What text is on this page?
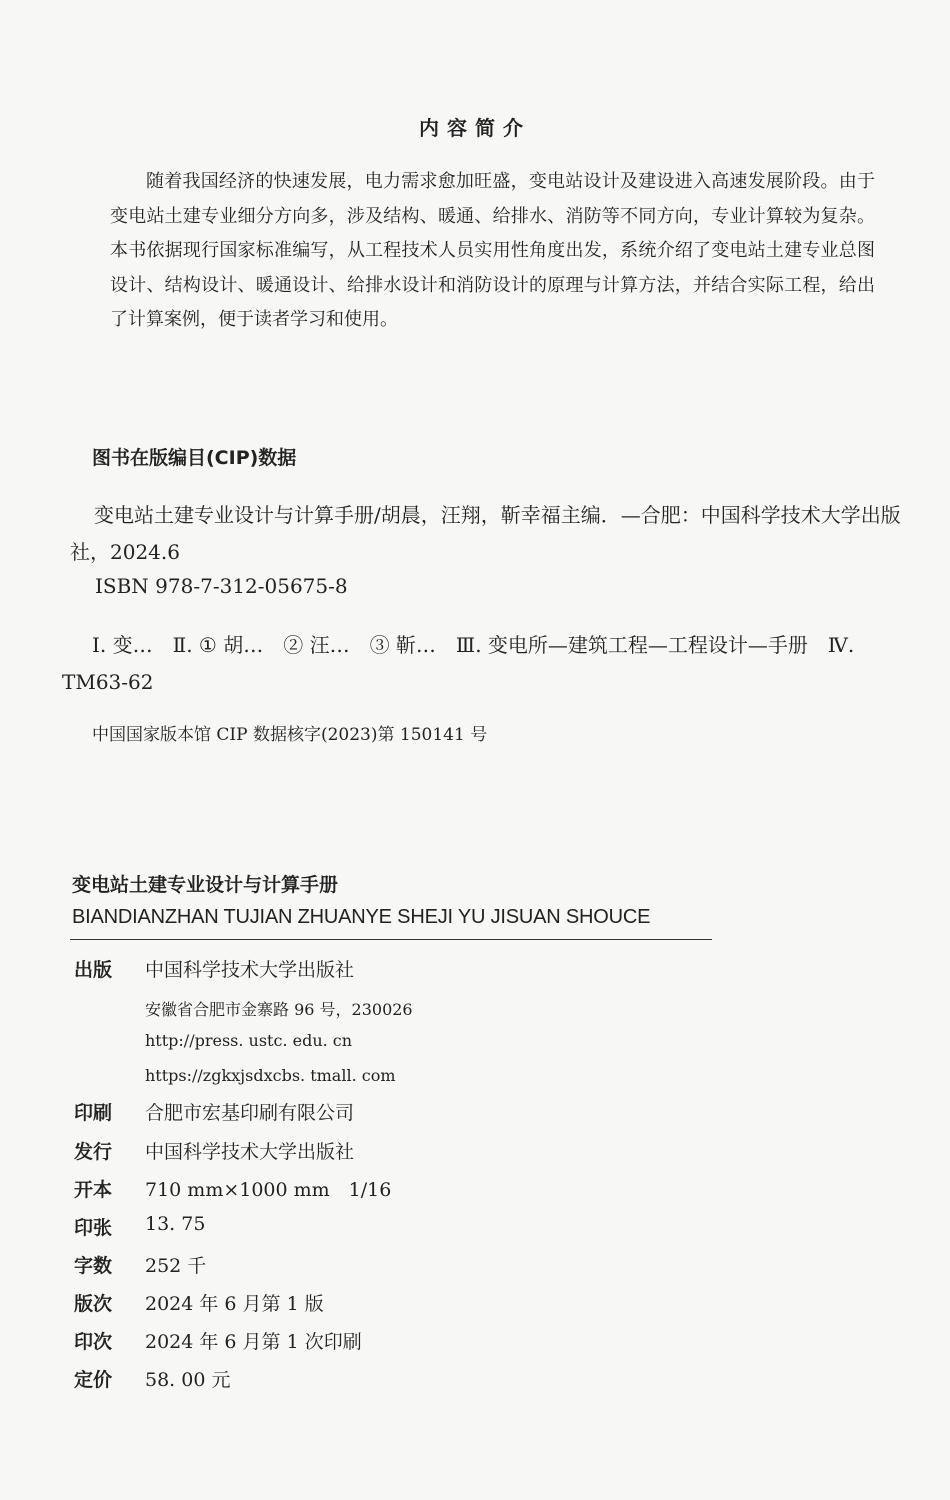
内容简介

随着我国经济的快速发展，电力需求愈加旺盛，变电站设计及建设进入高速发展阶段。由于变电站土建专业细分方向多，涉及结构、暖通、给排水、消防等不同方向，专业计算较为复杂。本书依据现行国家标准编写，从工程技术人员实用性角度出发，系统介绍了变电站土建专业总图设计、结构设计、暖通设计、给排水设计和消防设计的原理与计算方法，并结合实际工程，给出了计算案例，便于读者学习和使用。

图书在版编目(CIP)数据
变电站土建专业设计与计算手册/胡晨，汪翔，靳幸福主编．—合肥：中国科学技术大学出版社，2024.6
ISBN 978-7-312-05675-8
Ⅰ. 变…　Ⅱ. ① 胡…　② 汪…　③ 靳…　Ⅲ. 变电所—建筑工程—工程设计—手册　Ⅳ. TM63-62
中国国家版本馆 CIP 数据核字(2023)第 150141 号
变电站土建专业设计与计算手册
BIANDIANZHAN TUJIAN ZHUANYE SHEJI YU JISUAN SHOUCE
出版 中国科学技术大学出版社
安徽省合肥市金寨路 96 号，230026
http://press. ustc. edu. cn
https://zgkxjsdxcbs. tmall. com
印刷 合肥市宏基印刷有限公司
发行 中国科学技术大学出版社
开本 710 mm×1000 mm　1/16
印张 13. 75
字数 252 千
版次 2024 年 6 月第 1 版
印次 2024 年 6 月第 1 次印刷
定价 58. 00 元
